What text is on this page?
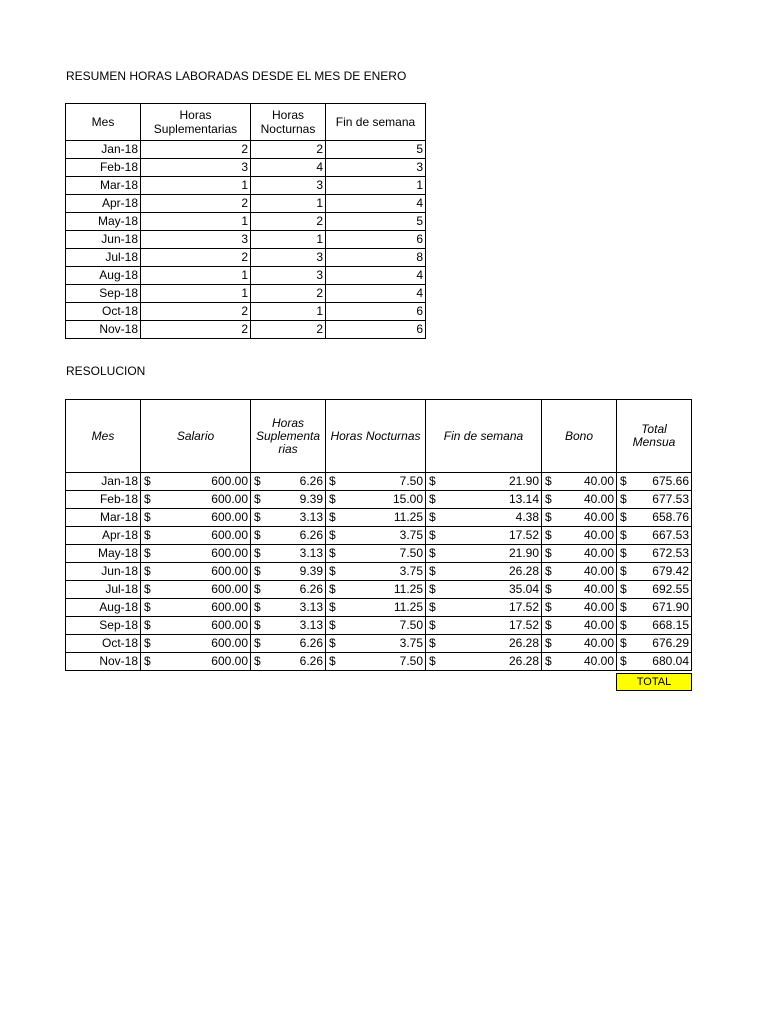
RESUMEN HORAS LABORADAS DESDE EL MES DE ENERO
Mes	Horas Suplementarias	Horas Nocturnas	Fin de semana
Jan-18	2	2	5
Feb-18	3	4	3
Mar-18	1	3	1
Apr-18	2	1	4
May-18	1	2	5
Jun-18	3	1	6
Jul-18	2	3	8
Aug-18	1	3	4
Sep-18	1	2	4
Oct-18	2	1	6
Nov-18	2	2	6
RESOLUCION
Mes	Salario	Horas Suplementa rias	Horas Nocturnas	Fin de semana	Bono	Total Mensua
Jan-18	$ 600.00	$ 6.26	$ 7.50	$ 21.90	$ 40.00	$ 675.66
Feb-18	$ 600.00	$ 9.39	$ 15.00	$ 13.14	$ 40.00	$ 677.53
Mar-18	$ 600.00	$ 3.13	$ 11.25	$ 4.38	$ 40.00	$ 658.76
Apr-18	$ 600.00	$ 6.26	$ 3.75	$ 17.52	$ 40.00	$ 667.53
May-18	$ 600.00	$ 3.13	$ 7.50	$ 21.90	$ 40.00	$ 672.53
Jun-18	$ 600.00	$ 9.39	$ 3.75	$ 26.28	$ 40.00	$ 679.42
Jul-18	$ 600.00	$ 6.26	$ 11.25	$ 35.04	$ 40.00	$ 692.55
Aug-18	$ 600.00	$ 3.13	$ 11.25	$ 17.52	$ 40.00	$ 671.90
Sep-18	$ 600.00	$ 3.13	$ 7.50	$ 17.52	$ 40.00	$ 668.15
Oct-18	$ 600.00	$ 6.26	$ 3.75	$ 26.28	$ 40.00	$ 676.29
Nov-18	$ 600.00	$ 6.26	$ 7.50	$ 26.28	$ 40.00	$ 680.04
TOTAL
